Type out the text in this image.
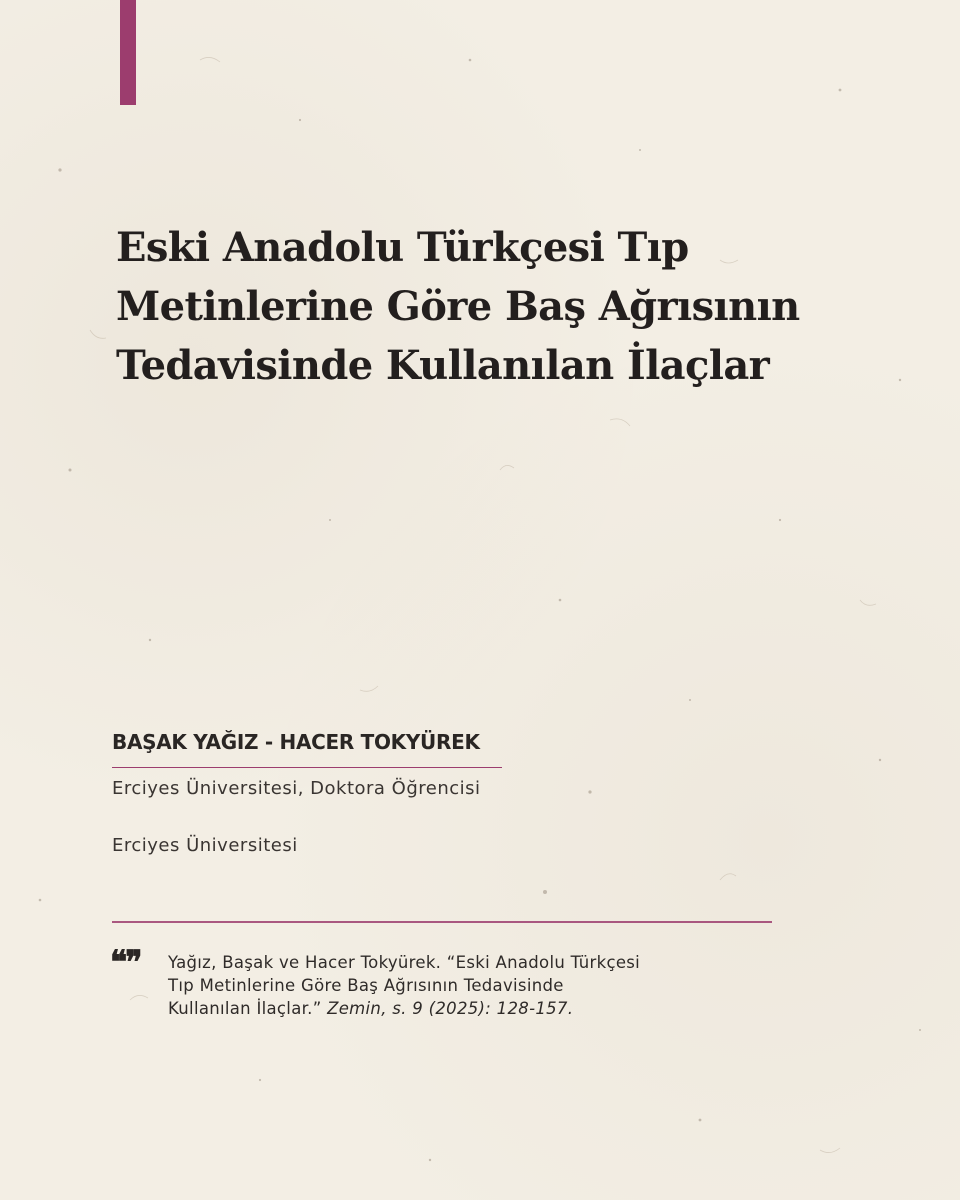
Eski Anadolu Türkçesi Tıp
Metinlerine Göre Baş Ağrısının
Tedavisinde Kullanılan İlaçlar

BAŞAK YAĞIZ - HACER TOKYÜREK

Erciyes Üniversitesi, Doktora Öğrencisi

Erciyes Üniversitesi

❝❞ Yağız, Başak ve Hacer Tokyürek. “Eski Anadolu Türkçesi
Tıp Metinlerine Göre Baş Ağrısının Tedavisinde
Kullanılan İlaçlar.” Zemin, s. 9 (2025): 128-157.
